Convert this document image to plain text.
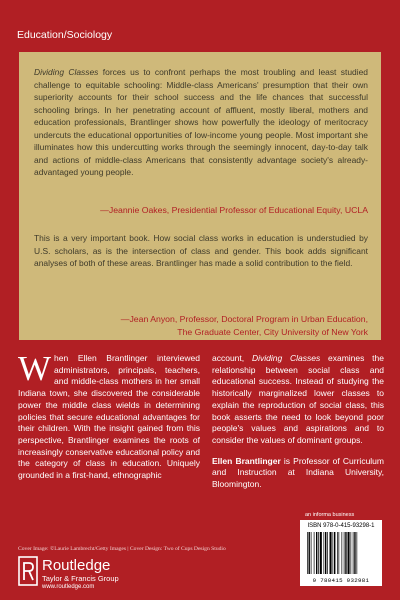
Education/Sociology

Dividing Classes forces us to confront perhaps the most troubling and least studied challenge to equitable schooling: Middle-class Americans' presumption that their own superiority accounts for their school success and the life chances that successful schooling brings. In her penetrating account of affluent, mostly liberal, mothers and education professionals, Brantlinger shows how powerfully the ideology of meritocracy undercuts the educational opportunities of low-income young people. Most important she illuminates how this undercutting works through the seemingly innocent, day-to-day talk and actions of middle-class Americans that consistently advantage society's already-advantaged young people.

—Jeannie Oakes, Presidential Professor of Educational Equity, UCLA

This is a very important book. How social class works in education is understudied by U.S. scholars, as is the intersection of class and gender. This book adds significant analyses of both of these areas. Brantlinger has made a solid contribution to the field.

—Jean Anyon, Professor, Doctoral Program in Urban Education,
The Graduate Center, City University of New York
When Ellen Brantlinger interviewed administrators, principals, teachers, and middle-class mothers in her small Indiana town, she discovered the considerable power the middle class wields in determining policies that secure educational advantages for their children. With the insight gained from this perspective, Brantlinger examines the roots of increasingly conservative educational policy and the category of class in education. Uniquely grounded in a first-hand, ethnographic

account, Dividing Classes examines the relationship between social class and educational success. Instead of studying the historically marginalized lower classes to explain the reproduction of social class, this book asserts the need to look beyond poor people's values and aspirations and to consider the values of dominant groups.

Ellen Brantlinger is Professor of Curriculum and Instruction at Indiana University, Bloomington.

Cover Image: ©Laurie Lambrecht/Getty Images | Cover Design: Two of Cups Design Studio
Routledge
Taylor & Francis Group
www.routledge.com
an informa business
ISBN 978-0-415-93298-1
9 780415 932981
